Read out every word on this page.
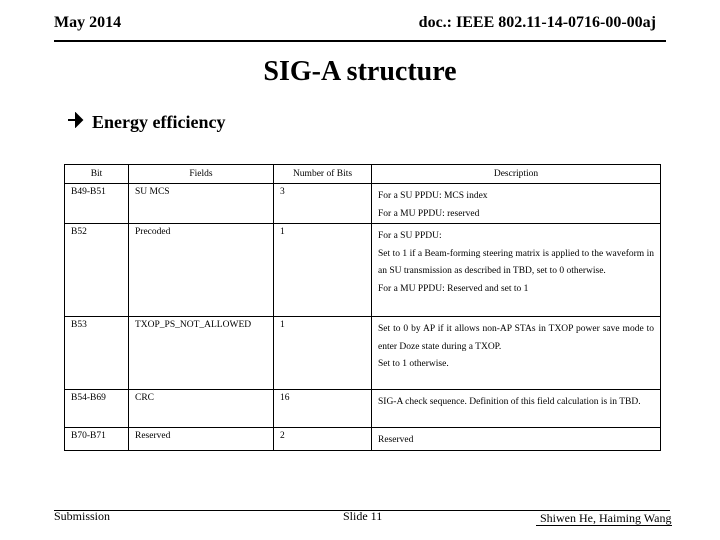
May 2014	doc.: IEEE 802.11-14-0716-00-00aj
SIG-A structure
Energy efficiency
Bit	Fields	Number of Bits	Description
B49-B51	SU MCS	3	For a SU PPDU: MCS index

For a MU PPDU: reserved

B52	Precoded	1	For a SU PPDU:

Set to 1 if a Beam-forming steering matrix is applied to the waveform in an SU transmission as described in TBD, set to 0 otherwise.

For a MU PPDU: Reserved and set to 1

B53	TXOP_PS_NOT_ALLOWED	1	Set to 0 by AP if it allows non-AP STAs in TXOP power save mode to enter Doze state during a TXOP.

Set to 1 otherwise.

B54-B69	CRC	16	SIG-A check sequence. Definition of this field calculation is in TBD.

B70-B71	Reserved	2	Reserved

Submission	Slide 11	Shiwen He, Haiming Wang
